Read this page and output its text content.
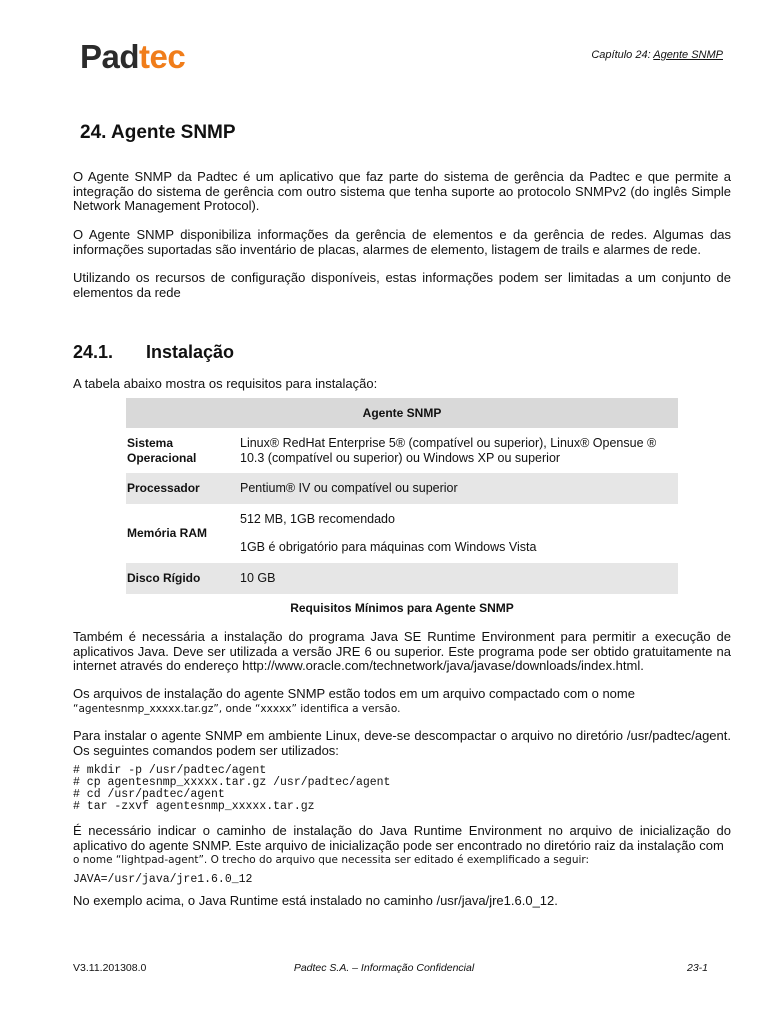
Padtec	Capítulo 24: Agente SNMP
24. Agente SNMP
O Agente SNMP da Padtec é um aplicativo que faz parte do sistema de gerência da Padtec e que permite a integração do sistema de gerência com outro sistema que tenha suporte ao protocolo SNMPv2 (do inglês Simple Network Management Protocol).
O Agente SNMP disponibiliza informações da gerência de elementos e da gerência de redes. Algumas das informações suportadas são inventário de placas, alarmes de elemento, listagem de trails e alarmes de rede.
Utilizando os recursos de configuração disponíveis, estas informações podem ser limitadas a um conjunto de elementos da rede
24.1. Instalação
A tabela abaixo mostra os requisitos para instalação:
Agente SNMP	
Sistema Operacional	Linux® RedHat Enterprise 5® (compatível ou superior), Linux® Opensue ® 10.3 (compatível ou superior) ou Windows XP ou superior
Processador	Pentium® IV ou compatível ou superior
Memória RAM	512 MB, 1GB recomendado
1GB é obrigatório para máquinas com Windows Vista

Disco Rígido	10 GB
Requisitos Mínimos para Agente SNMP
Também é necessária a instalação do programa Java SE Runtime Environment para permitir a execução de aplicativos Java. Deve ser utilizada a versão JRE 6 ou superior. Este programa pode ser obtido gratuitamente na internet através do endereço http://www.oracle.com/technetwork/java/javase/downloads/index.html.
Os arquivos de instalação do agente SNMP estão todos em um arquivo compactado com o nome
“agentesnmp_xxxxx.tar.gz”, onde “xxxxx” identifica a versão.
Para instalar o agente SNMP em ambiente Linux, deve-se descompactar o arquivo no diretório /usr/padtec/agent. Os seguintes comandos podem ser utilizados:
# mkdir -p /usr/padtec/agent
# cp agentesnmp_xxxxx.tar.gz /usr/padtec/agent
# cd /usr/padtec/agent
# tar -zxvf agentesnmp_xxxxx.tar.gz
É necessário indicar o caminho de instalação do Java Runtime Environment no arquivo de inicialização do aplicativo do agente SNMP. Este arquivo de inicialização pode ser encontrado no diretório raiz da instalação com
o nome “lightpad-agent”. O trecho do arquivo que necessita ser editado é exemplificado a seguir:
JAVA=/usr/java/jre1.6.0_12
No exemplo acima, o Java Runtime está instalado no caminho /usr/java/jre1.6.0_12.
V3.11.201308.0	Padtec S.A. – Informação Confidencial	23-1
